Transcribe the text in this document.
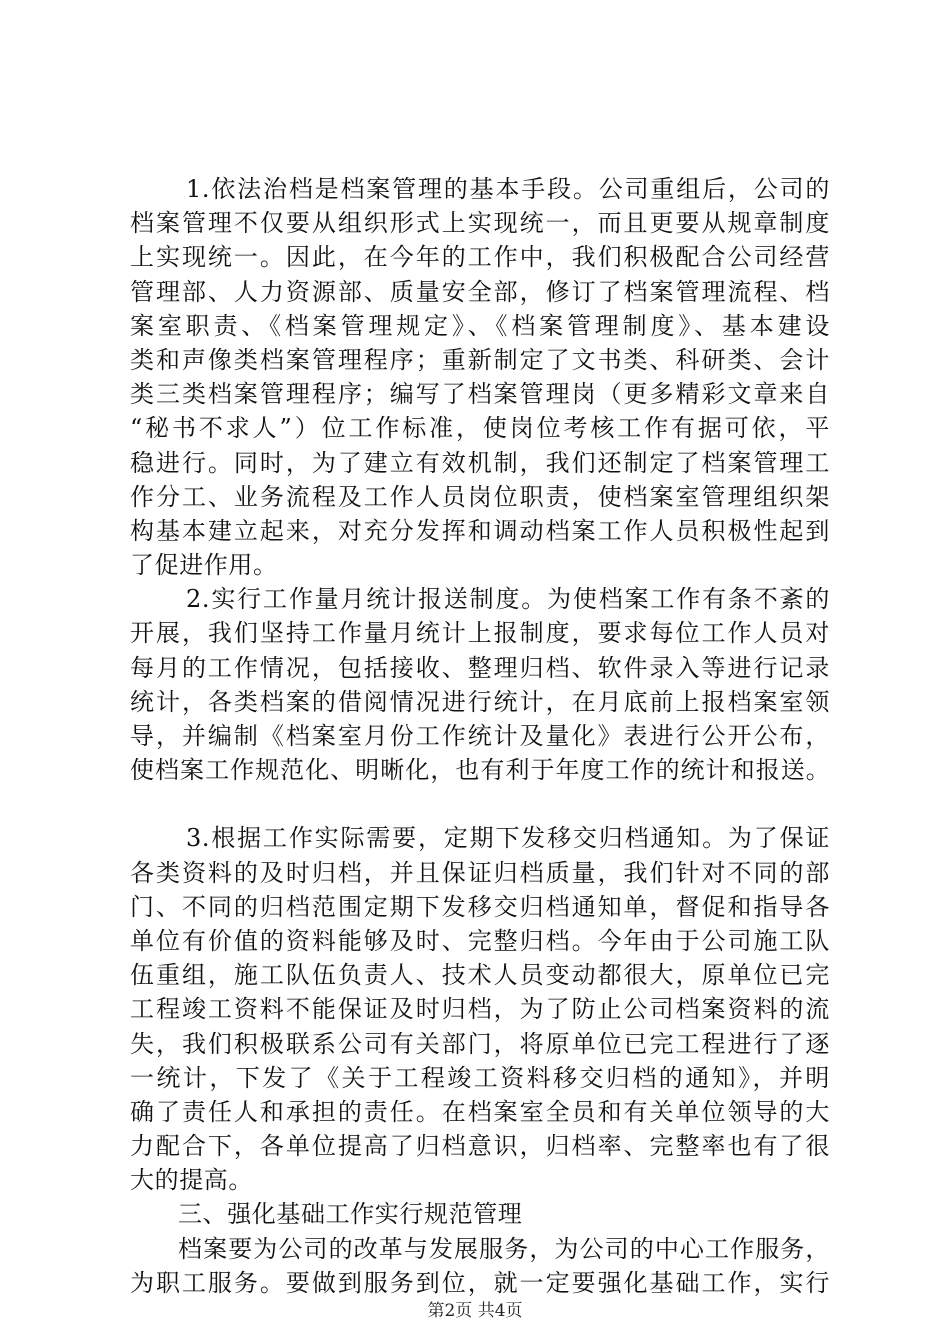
1.依法治档是档案管理的基本手段。公司重组后，公司的
档案管理不仅要从组织形式上实现统一，而且更要从规章制度
上实现统一。因此，在今年的工作中，我们积极配合公司经营
管理部、人力资源部、质量安全部，修订了档案管理流程、档
案室职责、《档案管理规定》、《档案管理制度》、基本建设
类和声像类档案管理程序；重新制定了文书类、科研类、会计
类三类档案管理程序；编写了档案管理岗（更多精彩文章来自
“秘书不求人”）位工作标准，使岗位考核工作有据可依，平
稳进行。同时，为了建立有效机制，我们还制定了档案管理工
作分工、业务流程及工作人员岗位职责，使档案室管理组织架
构基本建立起来，对充分发挥和调动档案工作人员积极性起到
了促进作用。
2.实行工作量月统计报送制度。为使档案工作有条不紊的
开展，我们坚持工作量月统计上报制度，要求每位工作人员对
每月的工作情况，包括接收、整理归档、软件录入等进行记录
统计，各类档案的借阅情况进行统计，在月底前上报档案室领
导，并编制《档案室月份工作统计及量化》表进行公开公布，
使档案工作规范化、明晰化，也有利于年度工作的统计和报送。
3.根据工作实际需要，定期下发移交归档通知。为了保证
各类资料的及时归档，并且保证归档质量，我们针对不同的部
门、不同的归档范围定期下发移交归档通知单，督促和指导各
单位有价值的资料能够及时、完整归档。今年由于公司施工队
伍重组，施工队伍负责人、技术人员变动都很大，原单位已完
工程竣工资料不能保证及时归档，为了防止公司档案资料的流
失，我们积极联系公司有关部门，将原单位已完工程进行了逐
一统计，下发了《关于工程竣工资料移交归档的通知》，并明
确了责任人和承担的责任。在档案室全员和有关单位领导的大
力配合下，各单位提高了归档意识，归档率、完整率也有了很
大的提高。
三、强化基础工作实行规范管理
档案要为公司的改革与发展服务，为公司的中心工作服务，
为职工服务。要做到服务到位，就一定要强化基础工作，实行
第2页 共4页
